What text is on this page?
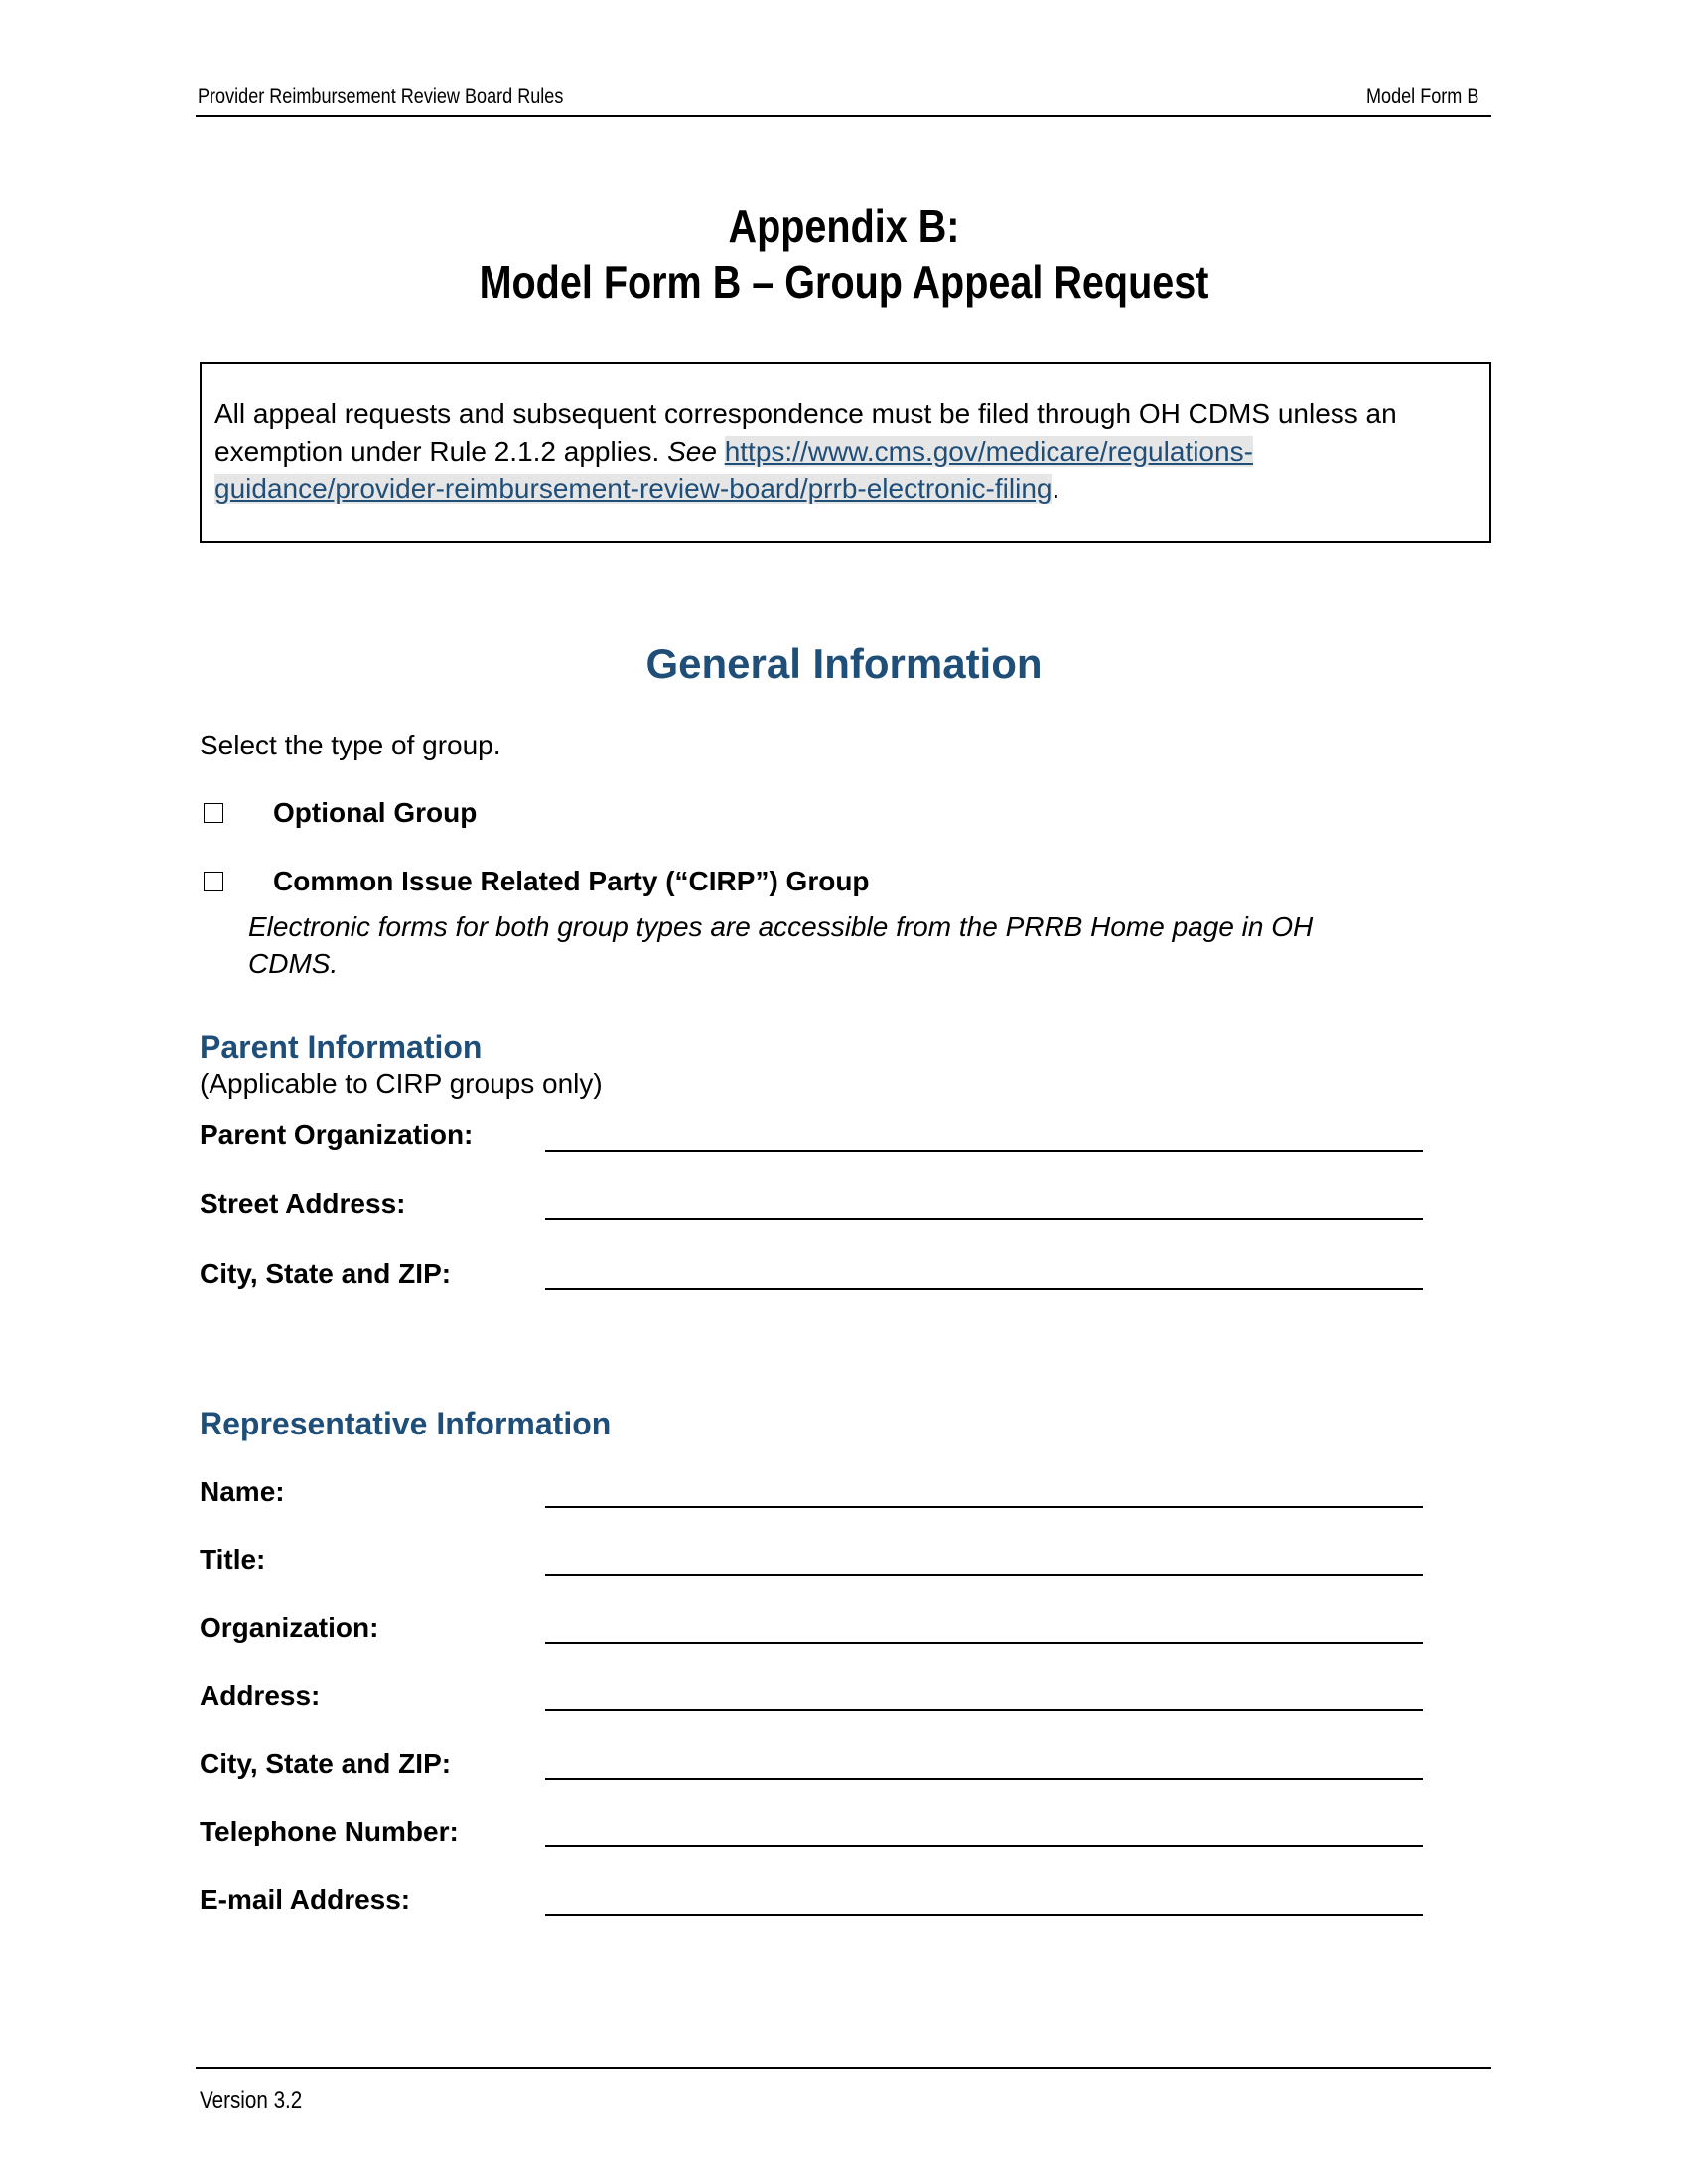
Provider Reimbursement Review Board Rules	Model Form B
Appendix B:
Model Form B – Group Appeal Request
All appeal requests and subsequent correspondence must be filed through OH CDMS unless an exemption under Rule 2.1.2 applies. See https://www.cms.gov/medicare/regulations-
guidance/provider-reimbursement-review-board/prrb-electronic-filing.
General Information
Select the type of group.
Optional Group
Common Issue Related Party (“CIRP”) Group
Electronic forms for both group types are accessible from the PRRB Home page in OH CDMS.
Parent Information
(Applicable to CIRP groups only)
Parent Organization:
Street Address:
City, State and ZIP:
Representative Information
Name:
Title:
Organization:
Address:
City, State and ZIP:
Telephone Number:
E-mail Address:
Version 3.2
